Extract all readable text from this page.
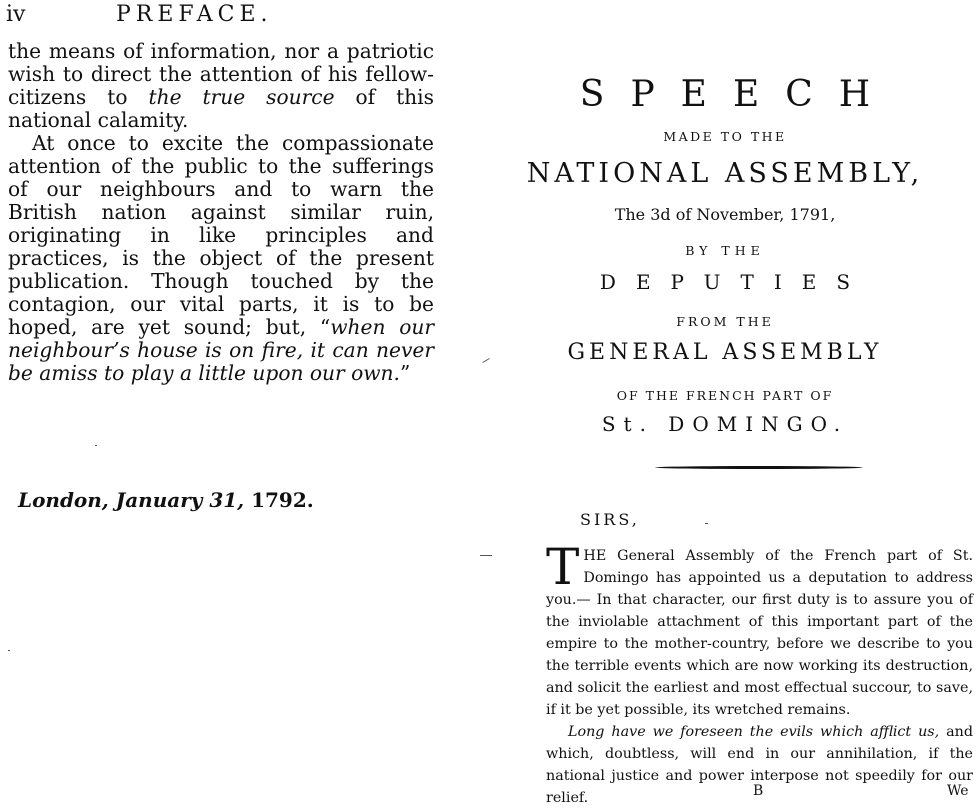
iv	PREFACE.

the means of information, nor a patriotic wish to direct the attention of his fellow-citizens to the true source of this national calamity.

At once to excite the compassionate attention of the public to the sufferings of our neighbours and to warn the British nation against similar ruin, originating in like principles and practices, is the object of the present publication. Though touched by the contagion, our vital parts, it is to be hoped, are yet sound; but, “when our neighbour’s house is on fire, it can never be amiss to play a little upon our own.”

London, January 31, 1792.
SPEECH
MADE TO THE
NATIONAL ASSEMBLY,
The 3d of November, 1791,
BY THE
DEPUTIES
FROM THE
GENERAL ASSEMBLY
OF THE FRENCH PART OF
St. DOMINGO.
SIRS,

THE General Assembly of the French part of St. Domingo has appointed us a deputation to address you.— In that character, our first duty is to assure you of the inviolable attachment of this important part of the empire to the mother-country, before we describe to you the terrible events which are now working its destruction, and solicit the earliest and most effectual succour, to save, if it be yet possible, its wretched remains.

Long have we foreseen the evils which afflict us, and which, doubtless, will end in our annihilation, if the national justice and power interpose not speedily for our relief.	B	We
